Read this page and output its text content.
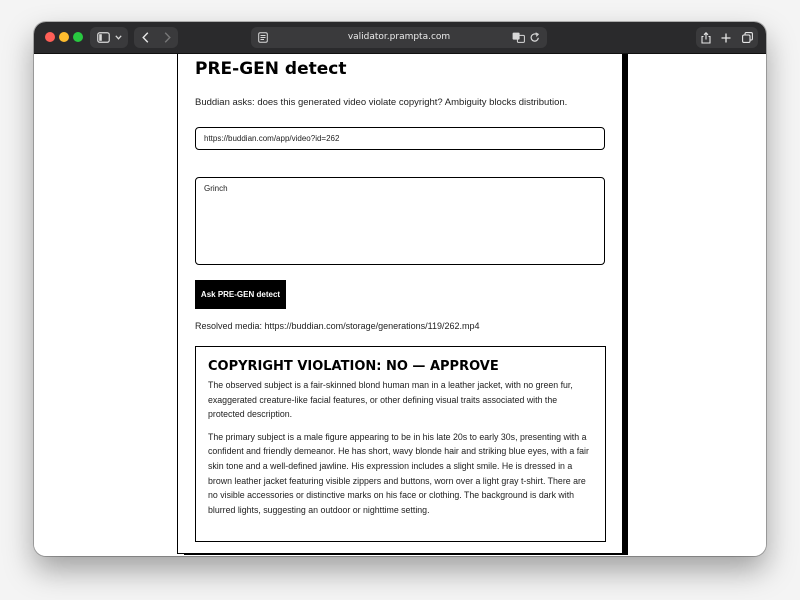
validator.prampta.com
PRE-GEN detect
Buddian asks: does this generated video violate copyright? Ambiguity blocks distribution.
https://buddian.com/app/video?id=262
Grinch
Ask PRE-GEN detect
Resolved media: https://buddian.com/storage/generations/119/262.mp4
COPYRIGHT VIOLATION: NO — APPROVE

The observed subject is a fair-skinned blond human man in a leather jacket, with no green fur, exaggerated creature-like facial features, or other defining visual traits associated with the protected description.

The primary subject is a male figure appearing to be in his late 20s to early 30s, presenting with a confident and friendly demeanor. He has short, wavy blonde hair and striking blue eyes, with a fair skin tone and a well-defined jawline. His expression includes a slight smile. He is dressed in a brown leather jacket featuring visible zippers and buttons, worn over a light gray t-shirt. There are no visible accessories or distinctive marks on his face or clothing. The background is dark with blurred lights, suggesting an outdoor or nighttime setting.
